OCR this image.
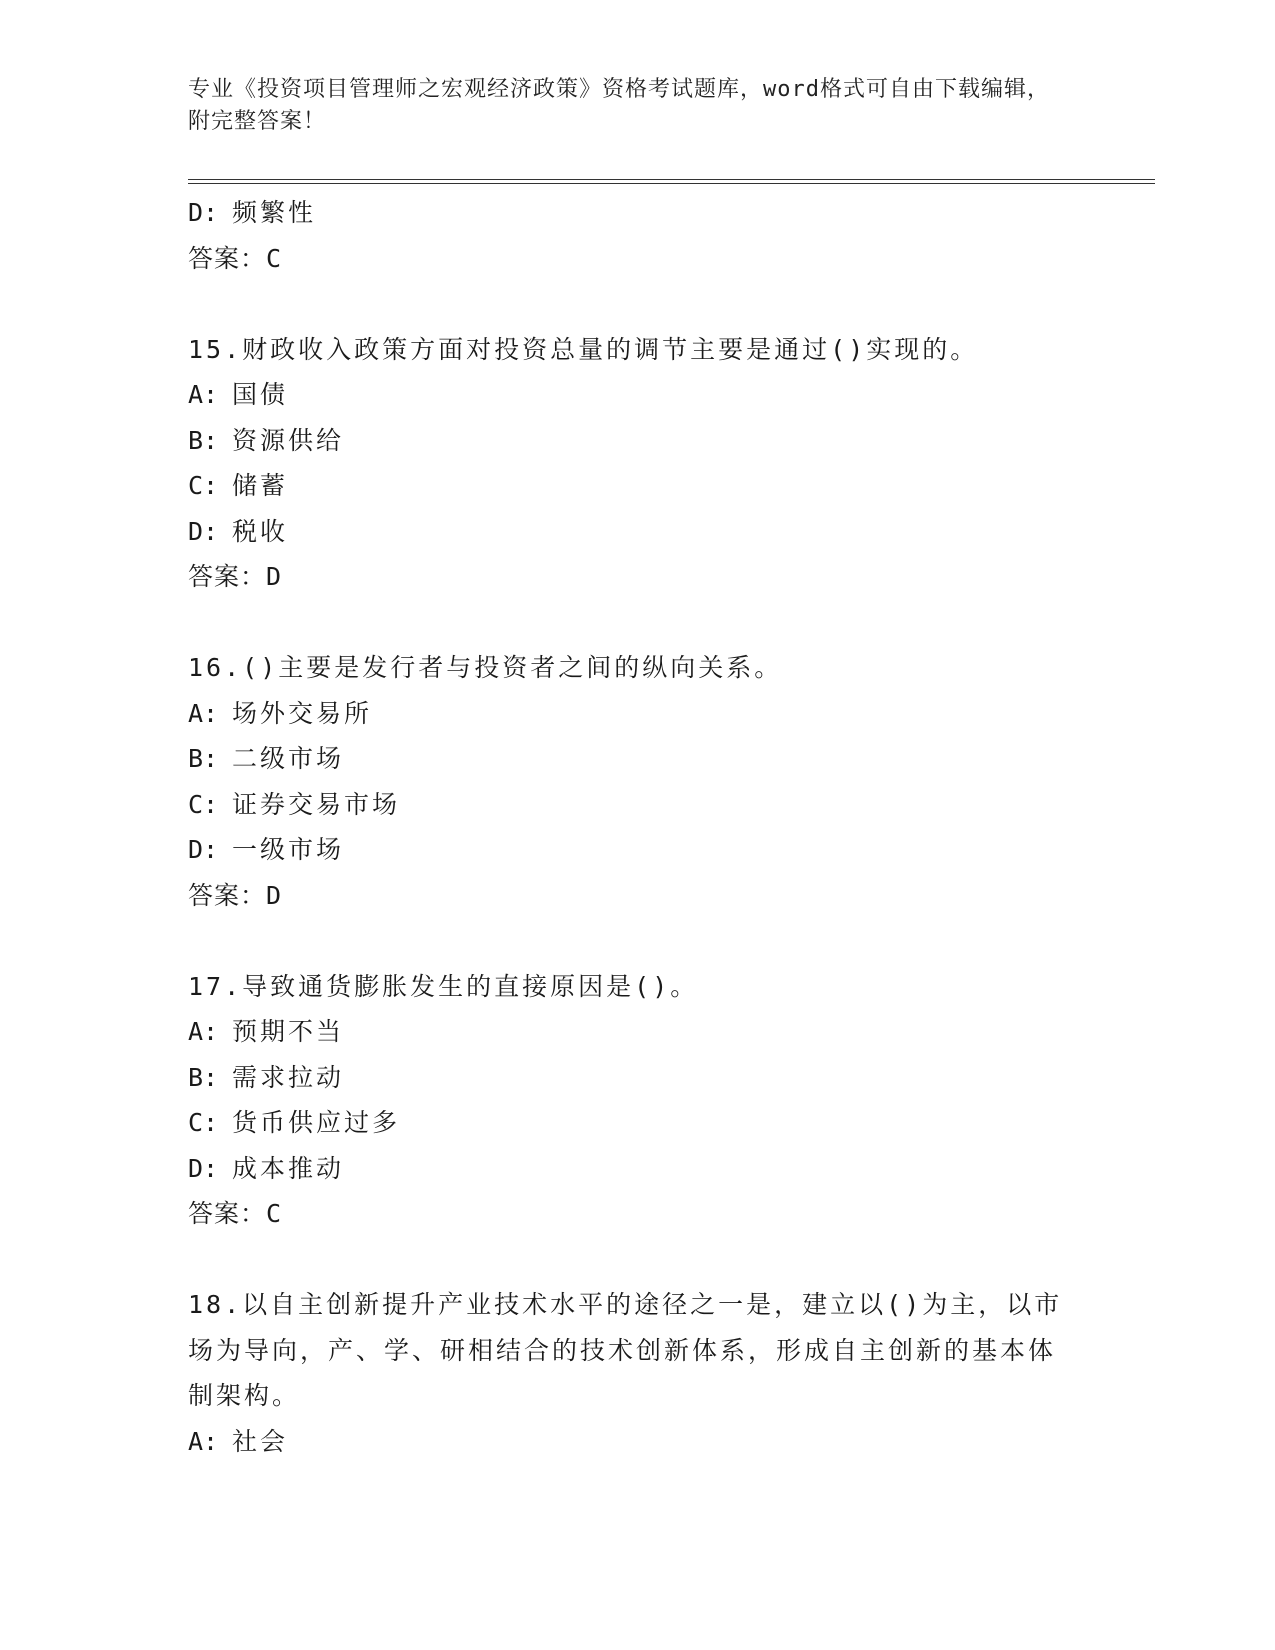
专业《投资项目管理师之宏观经济政策》资格考试题库，word格式可自由下载编辑，附完整答案！
D: 频繁性
答案：C
15.财政收入政策方面对投资总量的调节主要是通过()实现的。
A: 国债
B: 资源供给
C: 储蓄
D: 税收
答案：D
16.()主要是发行者与投资者之间的纵向关系。
A: 场外交易所
B: 二级市场
C: 证券交易市场
D: 一级市场
答案：D
17.导致通货膨胀发生的直接原因是()。
A: 预期不当
B: 需求拉动
C: 货币供应过多
D: 成本推动
答案：C
18.以自主创新提升产业技术水平的途径之一是，建立以()为主，以市场为导向，产、学、研相结合的技术创新体系，形成自主创新的基本体制架构。
A: 社会
